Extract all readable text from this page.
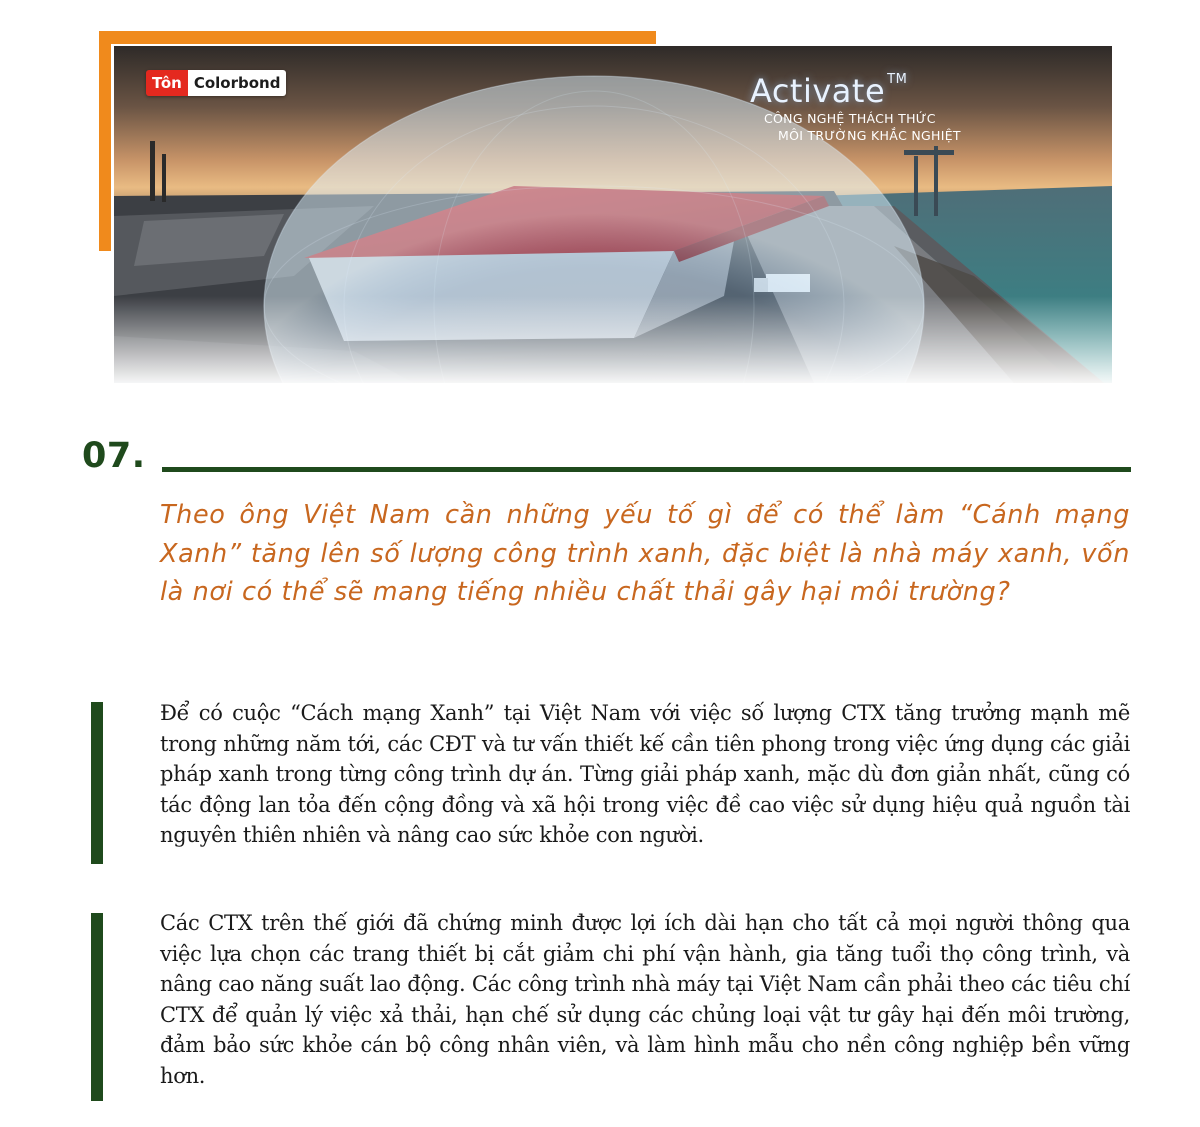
Tôn Colorbond	Activate ™
CÔNG NGHỆ THÁCH THỨC
MÔI TRƯỜNG KHẮC NGHIỆT
07.
Theo ông Việt Nam cần những yếu tố gì để có thể làm “Cánh mạng Xanh” tăng lên số lượng công trình xanh, đặc biệt là nhà máy xanh, vốn là nơi có thể sẽ mang tiếng nhiều chất thải gây hại môi trường?
Để có cuộc “Cách mạng Xanh” tại Việt Nam với việc số lượng CTX tăng trưởng mạnh mẽ trong những năm tới, các CĐT và tư vấn thiết kế cần tiên phong trong việc ứng dụng các giải pháp xanh trong từng công trình dự án. Từng giải pháp xanh, mặc dù đơn giản nhất, cũng có tác động lan tỏa đến cộng đồng và xã hội trong việc đề cao việc sử dụng hiệu quả nguồn tài nguyên thiên nhiên và nâng cao sức khỏe con người.
Các CTX trên thế giới đã chứng minh được lợi ích dài hạn cho tất cả mọi người thông qua việc lựa chọn các trang thiết bị cắt giảm chi phí vận hành, gia tăng tuổi thọ công trình, và nâng cao năng suất lao động. Các công trình nhà máy tại Việt Nam cần phải theo các tiêu chí CTX để quản lý việc xả thải, hạn chế sử dụng các chủng loại vật tư gây hại đến môi trường, đảm bảo sức khỏe cán bộ công nhân viên, và làm hình mẫu cho nền công nghiệp bền vững hơn.
